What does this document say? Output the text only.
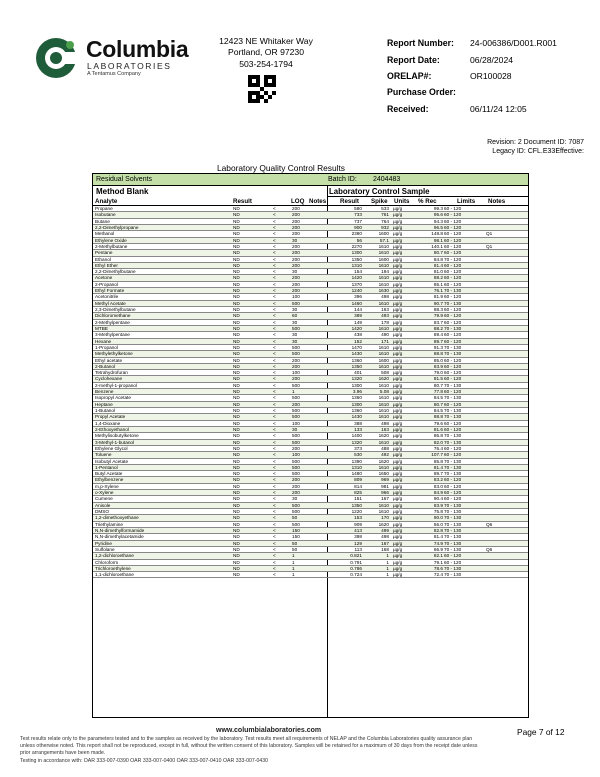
Columbia
LABORATORIES
A Tentamus Company
12423 NE Whitaker Way
Portland, OR 97230
503-254-1794
Report Number: 24-006386/D001.R001
Report Date:	06/28/2024
ORELAP#:	OR100028
Purchase Order:
Received:	06/11/24 12:05
Revision: 2 Document ID: 7087
Legacy ID: CFL.E33Effective:
Laboratory Quality Control Results
Residual Solvents	Batch ID: 2404483
Method Blank	Laboratory Control Sample
Analyte	Result	LOQ Notes Result Spike Units % Rec	Limits Notes
Propane	ND	<	200	580	533 µg/g	99.3 60 - 120
Isobutane	ND	<	200	733	761 µg/g	95.6 60 - 120
Butane	ND	<	200	737	764 µg/g	94.3 60 - 120
2,2-Dimethylpropane	ND	<	200	900	932 µg/g	96.5 60 - 120
Methanol	ND	<	200	2380	1600 µg/g	148.8 60 - 120	Q1
Ethylene Oxide	ND	<	30	56	57.1 µg/g	98.1 60 - 120
2-Methylbutane	ND	<	200	2270	1610 µg/g	140.1 60 - 120	Q1
Pentane	ND	<	200	1300	1610 µg/g	80.7 60 - 120
Ethanol	ND	<	200	1350	1600 µg/g	84.8 70 - 120
Ethyl Ether	ND	<	200	1310	1610 µg/g	81.4 60 - 120
2,2-Dimethylbutane	ND	<	30	154	194 µg/g	81.0 60 - 120
Acetone	ND	<	200	1420	1610 µg/g	88.2 60 - 120
2-Propanol	ND	<	200	1370	1610 µg/g	85.1 60 - 120
Ethyl Formate	ND	<	200	1240	1630 µg/g	76.1 70 - 130
Acetonitrile	ND	<	100	396	498 µg/g	81.9 60 - 120
Methyl Acetate	ND	<	500	1460	1610 µg/g	90.7 70 - 130
2,3-Dimethylbutane	ND	<	30	144	163 µg/g	88.3 60 - 120
Dichloromethane	ND	<	60	389	493 µg/g	79.9 60 - 120
2-Methylpentane	ND	<	30	149	178 µg/g	83.7 60 - 120
MTBE	ND	<	500	1420	1610 µg/g	88.2 70 - 130
3-Methylpentane	ND	<	30	438	490 µg/g	89.4 60 - 120
Hexane	ND	<	30	152	171 µg/g	89.7 60 - 120
1-Propanol	ND	<	500	1470	1610 µg/g	91.3 70 - 130
Methylethylketone	ND	<	500	1430	1610 µg/g	88.8 70 - 130
Ethyl acetate	ND	<	200	1360	1600 µg/g	85.0 60 - 120
2-Butanol	ND	<	200	1350	1610 µg/g	83.9 60 - 120
Tetrahydrofuran	ND	<	100	401	508 µg/g	79.0 60 - 120
Cyclohexane	ND	<	200	1320	1620 µg/g	81.5 60 - 120
2-methyl-1-propanol	ND	<	500	1300	1610 µg/g	80.7 70 - 130
Benzene	ND	<	1	3.96	5.08 µg/g	77.8 60 - 120
Isopropyl Acetate	ND	<	500	1360	1610 µg/g	84.5 70 - 130
Heptane	ND	<	200	1300	1610 µg/g	80.7 60 - 120
1-Butanol	ND	<	500	1360	1610 µg/g	84.5 70 - 130
Propyl Acetate	ND	<	500	1430	1610 µg/g	88.8 70 - 130
1,4-Dioxane	ND	<	100	388	498 µg/g	79.6 60 - 120
2-Ethoxyethanol	ND	<	30	133	163 µg/g	81.6 60 - 120
Methylisobutylketone	ND	<	500	1400	1620 µg/g	86.8 70 - 130
3-Methyl-1-butanol	ND	<	500	1320	1610 µg/g	82.0 70 - 130
Ethylene Glycol	ND	<	200	373	488 µg/g	76.4 60 - 120
Toluene	ND	<	100	530	492 µg/g	107.7 60 - 120
Isobutyl Acetate	ND	<	500	1390	1620 µg/g	85.8 70 - 130
1-Pentanol	ND	<	500	1310	1610 µg/g	81.4 70 - 130
Butyl Acetate	ND	<	500	1480	1650 µg/g	89.7 70 - 130
Ethylbenzene	ND	<	200	809	969 µg/g	83.2 60 - 120
m,p-Xylene	ND	<	200	814	981 µg/g	83.0 60 - 120
o-Xylene	ND	<	200	825	966 µg/g	84.9 60 - 120
Cumene	ND	<	30	151	167 µg/g	90.4 60 - 120
Anisole	ND	<	500	1350	1610 µg/g	83.9 70 - 130
DMSO	ND	<	500	1220	1610 µg/g	75.8 70 - 130
1,2-dimethoxyethane	ND	<	50	153	170 µg/g	90.0 70 - 130
Triethylamine	ND	<	500	909	1620 µg/g	56.0 70 - 130	Q6
N,N-dimethylformamide	ND	<	150	413	499 µg/g	82.8 70 - 130
N,N-dimethylacetamide	ND	<	150	398	498 µg/g	81.4 70 - 130
Pyridine	ND	<	50	129	167 µg/g	74.9 70 - 130
Sulfolane	ND	<	50	113	168 µg/g	66.9 70 - 130	Q6
1,2-dichloroethane	ND	<	1	0.821	1 µg/g	82.1 60 - 120
Chloroform	ND	<	1	0.791	1 µg/g	79.1 60 - 120
Trichloroethylene	ND	<	1	0.786	1 µg/g	78.6 70 - 130
1,1-dichloroethane	ND	<	1	0.724	1 µg/g	72.4 70 - 130
www.columbialaboratories.com	Page 7 of 12
Test results relate only to the parameters tested and to the samples as received by the laboratory. Test results meet all requirements of NELAP and the Columbia Laboratories quality assurance plan
unless otherwise noted. This report shall not be reproduced, except in full, without the written consent of this laboratory. Samples will be retained for a maximum of 30 days from the receipt date unless
prior arrangements have been made.
Testing in accordance with: OAR 333-007-0390 OAR 333-007-0400 OAR 333-007-0410 OAR 333-007-0430
